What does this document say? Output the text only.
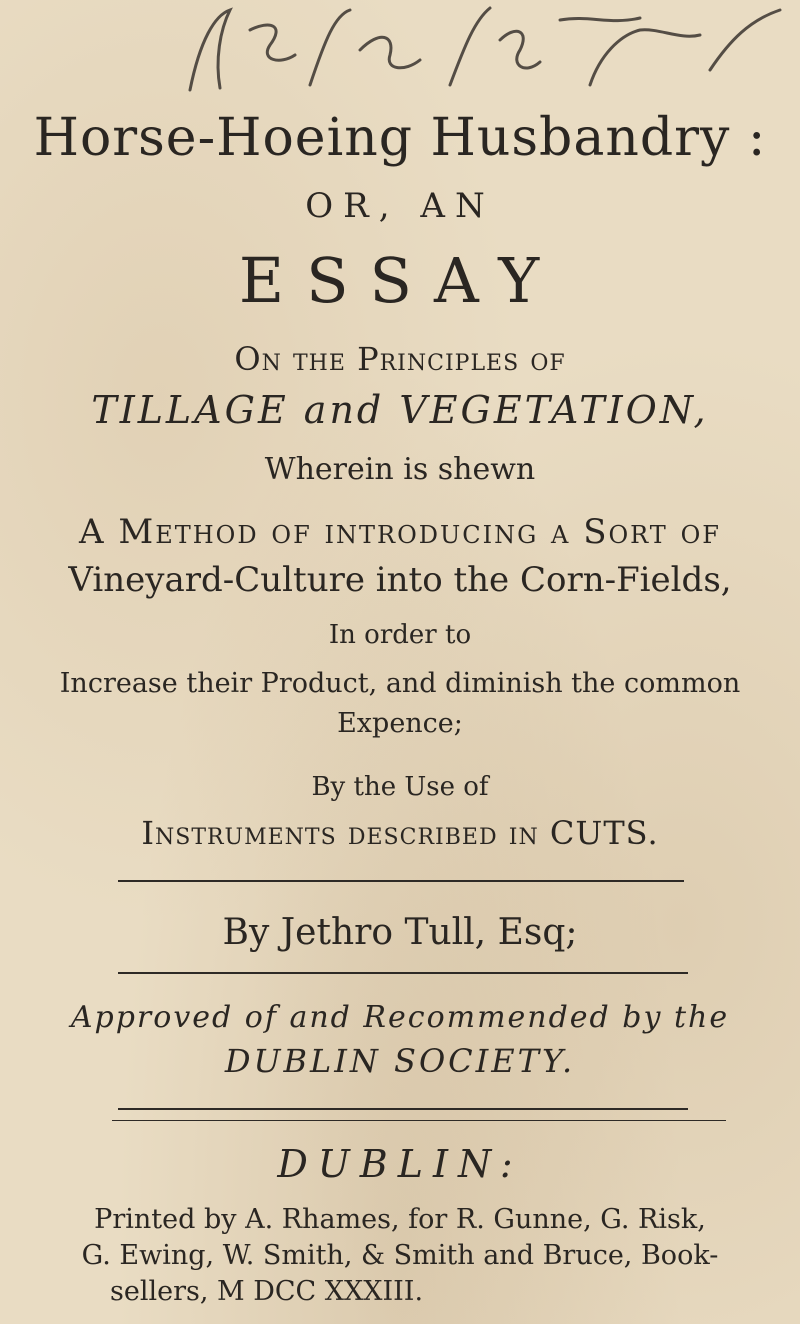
Horse-Hoeing Husbandry :
OR, AN
ESSAY
On the Principles of
TILLAGE and VEGETATION,
Wherein is shewn
A Method of introducing a Sort of
Vineyard-Culture into the Corn-Fields,
In order to
Increase their Product, and diminish the common
Expence;
By the Use of
Instruments described in CUTS.
By Jethro Tull, Esq;
Approved of and Recommended by the
DUBLIN SOCIETY.
DUBLIN:
Printed by A. Rhames, for R. Gunne, G. Risk,
G. Ewing, W. Smith, & Smith and Bruce, Book-
sellers, M DCC XXXIII.
